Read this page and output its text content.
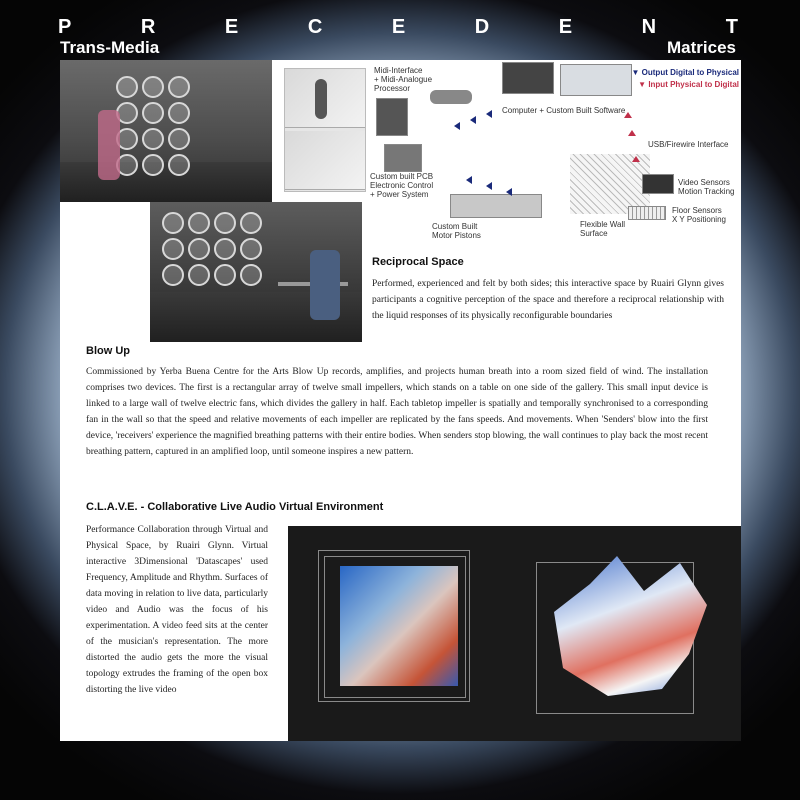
P	R	E	C	E	D	E	N	T
Trans-Media	Matrices
Midi-Interface
+ Midi-Analogue
Processor
Computer + Custom Built Software
▼ Output Digital to Physical
▼ Input Physical to Digital
USB/Firewire Interface
Custom built PCB
Electronic Control
+ Power System
Flexible Wall
Surface
Custom Built
Motor Pistons
Video Sensors
Motion Tracking
Floor Sensors
X Y Positioning
Reciprocal Space
Performed, experienced and felt by both sides; this interactive space by Ruairi Glynn gives participants a cognitive perception of the space and therefore a reciprocal relationship with the liquid responses of its physically reconfigurable boundaries
Blow Up
Commissioned by Yerba Buena Centre for the Arts Blow Up records, amplifies, and projects human breath into a room sized field of wind. The installation comprises two devices. The first is a rectangular array of twelve small impellers, which stands on a table on one side of the gallery. This small input device is linked to a large wall of twelve electric fans, which divides the gallery in half. Each tabletop impeller is spatially and temporally synchronised to a corresponding fan in the wall so that the speed and relative movements of each impeller are replicated by the fans speeds. And movements. When 'Senders' blow into the first device, 'receivers' experience the magnified breathing patterns with their entire bodies. When senders stop blowing, the wall continues to play back the most recent breathing pattern, captured in an amplified loop, until someone inspires a new pattern.
C.L.A.V.E. - Collaborative Live Audio Virtual Environment
Performance Collaboration through Virtual and Physical Space, by Ruairi Glynn. Virtual interactive 3Dimensional 'Datascapes' used Frequency, Amplitude and Rhythm. Surfaces of data moving in relation to live data, particularly video and Audio was the focus of his experimentation. A video feed sits at the center of the musician's representation. The more distorted the audio gets the more the visual topology extrudes the framing of the open box distorting the live video
